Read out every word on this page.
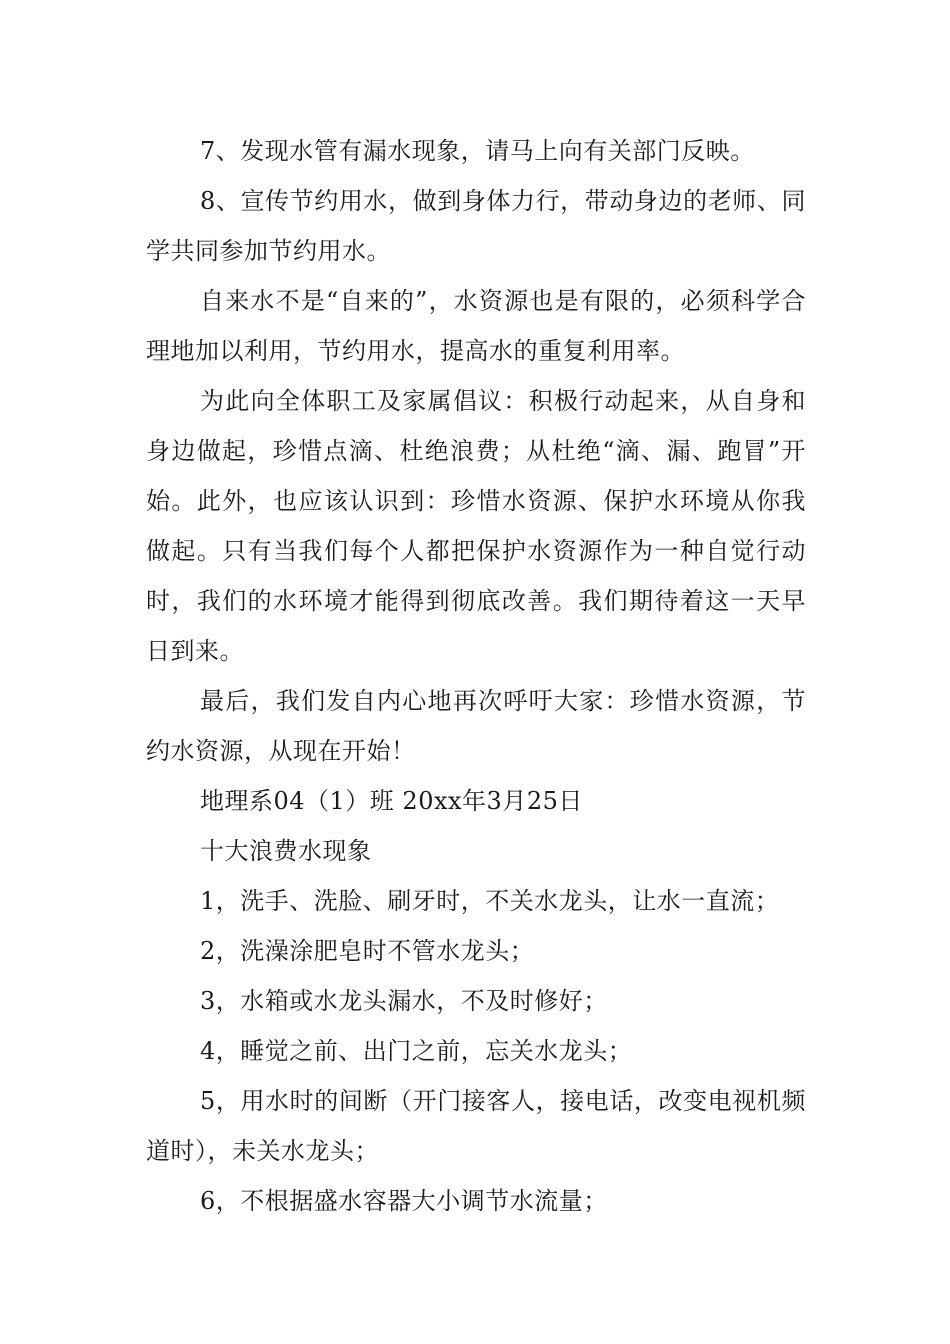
7、发现水管有漏水现象，请马上向有关部门反映。

8、宣传节约用水，做到身体力行，带动身边的老师、同学共同参加节约用水。

自来水不是“自来的”，水资源也是有限的，必须科学合理地加以利用，节约用水，提高水的重复利用率。

为此向全体职工及家属倡议：积极行动起来，从自身和身边做起，珍惜点滴、杜绝浪费；从杜绝“滴、漏、跑冒”开始。此外，也应该认识到：珍惜水资源、保护水环境从你我做起。只有当我们每个人都把保护水资源作为一种自觉行动时，我们的水环境才能得到彻底改善。我们期待着这一天早日到来。

最后，我们发自内心地再次呼吁大家：珍惜水资源，节约水资源，从现在开始！

地理系04（1）班 20xx年3月25日

十大浪费水现象

1，洗手、洗脸、刷牙时，不关水龙头，让水一直流；

2，洗澡涂肥皂时不管水龙头；

3，水箱或水龙头漏水，不及时修好；

4，睡觉之前、出门之前，忘关水龙头；

5，用水时的间断（开门接客人，接电话，改变电视机频道时），未关水龙头；

6，不根据盛水容器大小调节水流量；
